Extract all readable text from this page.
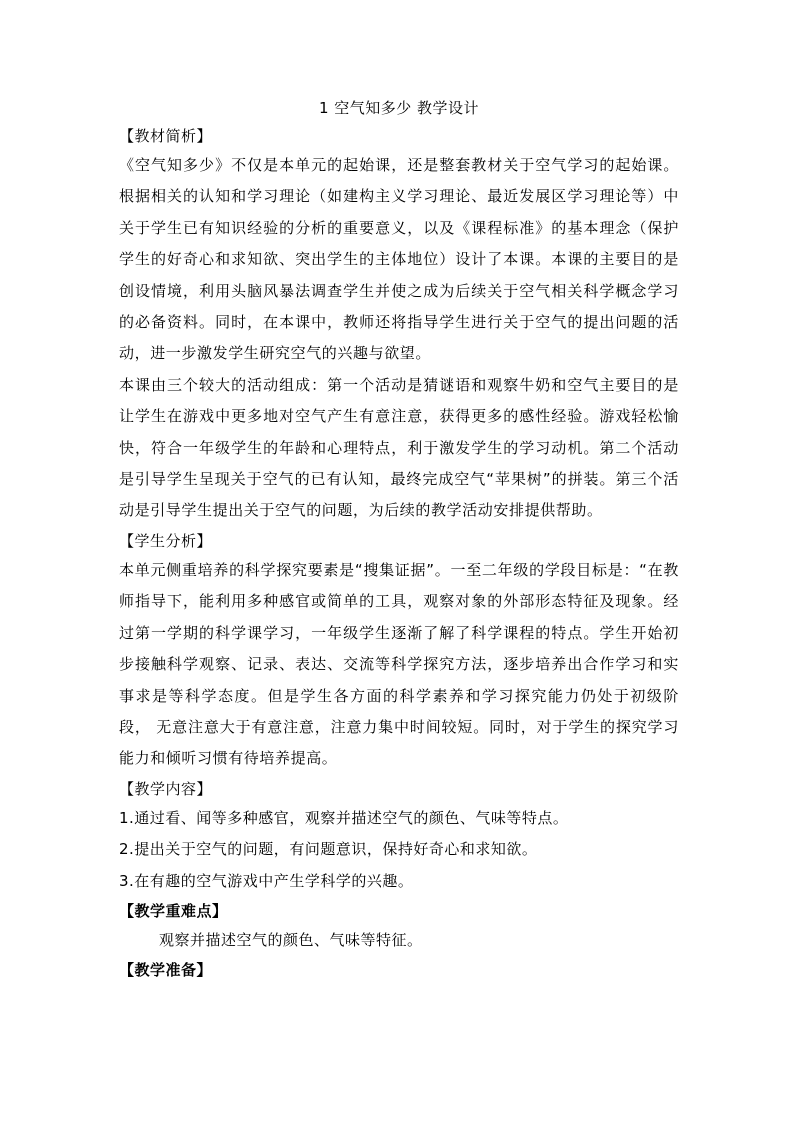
1 空气知多少 教学设计

【教材简析】

《空气知多少》不仅是本单元的起始课，还是整套教材关于空气学习的起始课。根据相关的认知和学习理论（如建构主义学习理论、最近发展区学习理论等）中关于学生已有知识经验的分析的重要意义，以及《课程标准》的基本理念（保护学生的好奇心和求知欲、突出学生的主体地位）设计了本课。本课的主要目的是创设情境，利用头脑风暴法调查学生并使之成为后续关于空气相关科学概念学习的必备资料。同时，在本课中，教师还将指导学生进行关于空气的提出问题的活动，进一步激发学生研究空气的兴趣与欲望。

本课由三个较大的活动组成：第一个活动是猜谜语和观察牛奶和空气主要目的是让学生在游戏中更多地对空气产生有意注意，获得更多的感性经验。游戏轻松愉快，符合一年级学生的年龄和心理特点，利于激发学生的学习动机。第二个活动是引导学生呈现关于空气的已有认知，最终完成空气“苹果树”的拼装。第三个活动是引导学生提出关于空气的问题，为后续的教学活动安排提供帮助。

【学生分析】

本单元侧重培养的科学探究要素是“搜集证据”。一至二年级的学段目标是：“在教师指导下，能利用多种感官或简单的工具，观察对象的外部形态特征及现象。经过第一学期的科学课学习，一年级学生逐渐了解了科学课程的特点。学生开始初步接触科学观察、记录、表达、交流等科学探究方法，逐步培养出合作学习和实事求是等科学态度。但是学生各方面的科学素养和学习探究能力仍处于初级阶段， 无意注意大于有意注意，注意力集中时间较短。同时，对于学生的探究学习能力和倾听习惯有待培养提高。

【教学内容】

1.通过看、闻等多种感官，观察并描述空气的颜色、气味等特点。

2.提出关于空气的问题，有问题意识，保持好奇心和求知欲。

3.在有趣的空气游戏中产生学科学的兴趣。

【教学重难点】

观察并描述空气的颜色、气味等特征。

【教学准备】
